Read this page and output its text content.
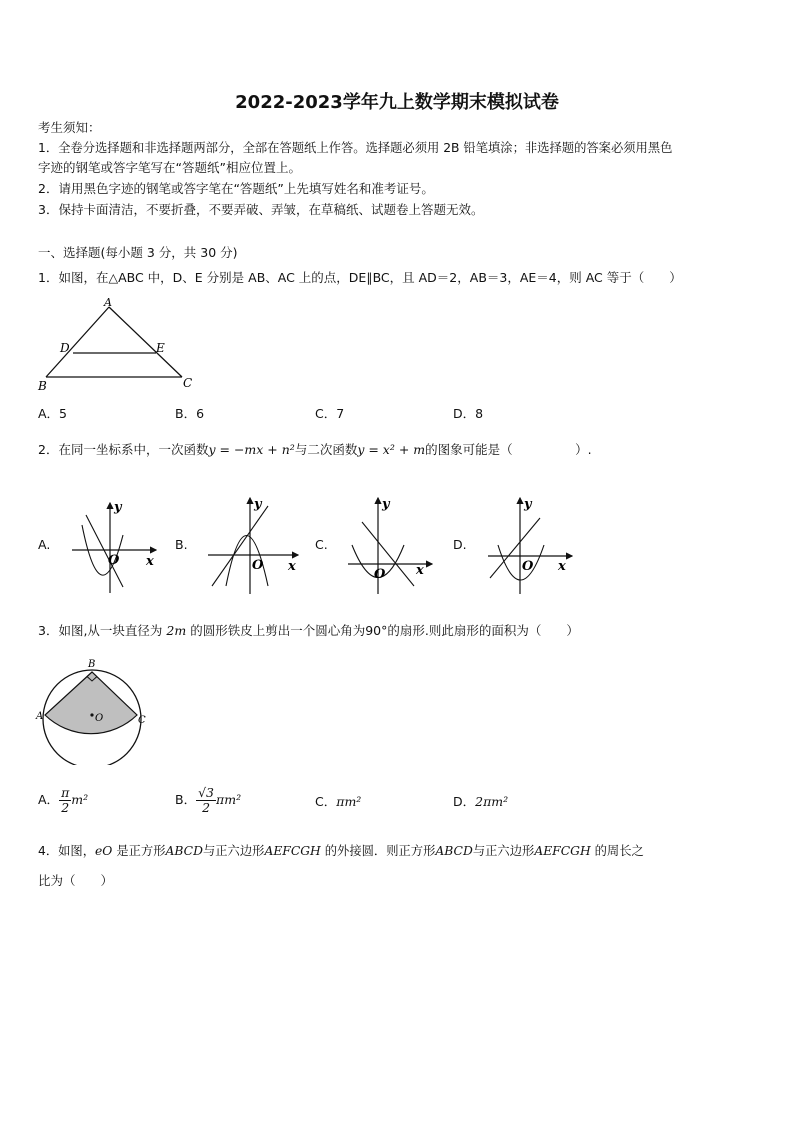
2022-2023学年九上数学期末模拟试卷
考生须知：
1．全卷分选择题和非选择题两部分，全部在答题纸上作答。选择题必须用 2B 铅笔填涂；非选择题的答案必须用黑色
字迹的钢笔或答字笔写在“答题纸”相应位置上。
2．请用黑色字迹的钢笔或答字笔在“答题纸”上先填写姓名和准考证号。
3．保持卡面清洁，不要折叠，不要弄破、弄皱，在草稿纸、试题卷上答题无效。
一、选择题(每小题 3 分，共 30 分)
1．如图，在△ABC 中，D、E 分别是 AB、AC 上的点，DE∥BC，且 AD＝2，AB＝3，AE＝4，则 AC 等于（　　）
A
D	E
B	C
A．5	B．6	C．7	D．8
2．在同一坐标系中，一次函数y = −mx + n²与二次函数y = x² + m的图象可能是（　　　　　）.
A.	B.	C.	D.
y
x
O
y
x
O
y
x
O
y
x
O
3．如图,从一块直径为 2m 的圆形铁皮上剪出一个圆心角为90°的扇形.则此扇形的面积为（　　）
B
A	C
O
A． $\frac{\pi}{2} m^2$	B． $\frac{√3}{2} \pi m^2$	C．πm²	D．2πm²
4．如图，eO 是正方形ABCD与正六边形AEFCGH 的外接圆．则正方形ABCD与正六边形AEFCGH 的周长之
比为（　　）
